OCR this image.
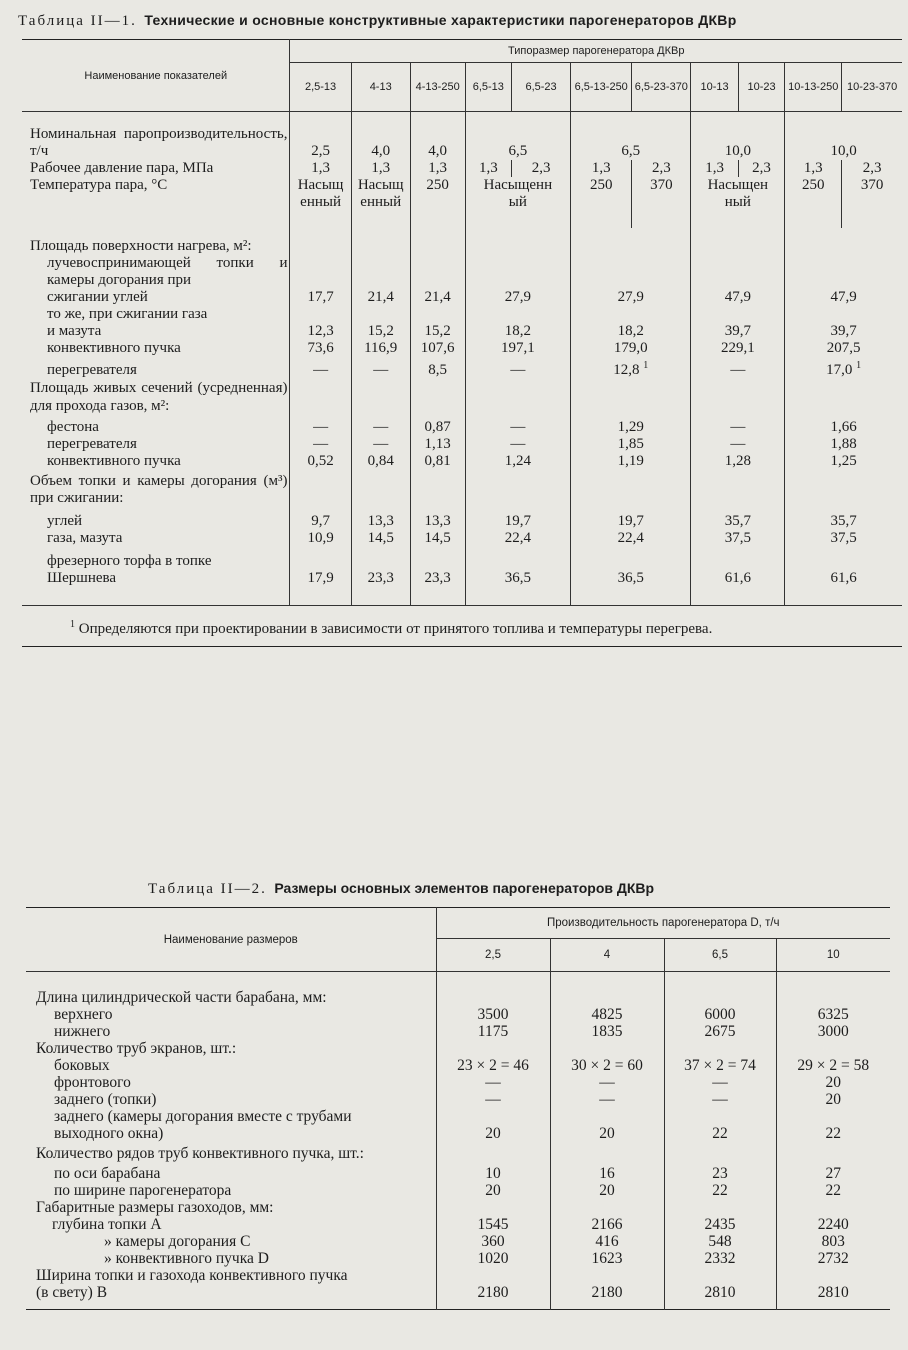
Таблица II—1. Технические и основные конструктивные характеристики парогенераторов ДКВр
Наименование показателей	Типоразмер парогенератора ДКВр										
	2,5-13	4-13	4-13-250	6,5-13	6,5-23	6,5-13-250	6,5-23-370	10-13	10-23	10-13-250	10-23-370

Номинальная паропроизводительность, т/ч	2,5	4,0	4,0	6,5		6,5		10,0		10,0	
Рабочее давление пара, МПа	1,3	1,3	1,3	1,3	2,3	1,3	2,3	1,3	2,3	1,3	2,3
Температура пара, °С	Насыщенный	Насыщенный	250	Насыщенный		250	370	Насыщенный		250	370
Площадь поверхности нагрева, м²:											
лучевоспринимающей топки и камеры догорания при											
сжигании углей	17,7	21,4	21,4	27,9		27,9		47,9		47,9	
то же, при сжигании газа											
и мазута	12,3	15,2	15,2	18,2		18,2		39,7		39,7	
конвективного пучка	73,6	116,9	107,6	197,1		179,0		229,1		207,5	
перегревателя	—	—	8,5	—		12,8 $^1$		—		17,0 $^1$
Площадь живых сечений (усредненная) для прохода газов, м²:											
фестона	—	—	0,87	—		1,29		—		1,66	
перегревателя	—	—	1,13	—		1,85		—		1,88	
конвективного пучка	0,52	0,84	0,81	1,24		1,19		1,28		1,25	
Объем топки и камеры догорания (м³) при сжигании:											
углей	9,7	13,3	13,3	19,7		19,7		35,7		35,7	
газа, мазута	10,9	14,5	14,5	22,4		22,4		37,5		37,5	
фрезерного торфа в топке											
Шершнева	17,9	23,3	23,3	36,5		36,5		61,6		61,6	

$^1$ Определяются при проектировании в зависимости от принятого топлива и температуры перегрева.											
Таблица II—2. Размеры основных элементов парогенераторов ДКВр
Наименование размеров	Производительность парогенератора D, т/ч			
	2,5	4	6,5	10

Длина цилиндрической части барабана, мм:				
верхнего	3500	4825	6000	6325
нижнего	1175	1835	2675	3000
Количество труб экранов, шт.:				
боковых	23 × 2 = 46	30 × 2 = 60	37 × 2 = 74	29 × 2 = 58
фронтового	—	—	—	20
заднего (топки)	—	—	—	20
заднего (камеры догорания вместе с трубами				
выходного окна)	20	20	22	22
Количество рядов труб конвективного пучка, шт.:				
по оси барабана	10	16	23	27
по ширине парогенератора	20	20	22	22
Габаритные размеры газоходов, мм:				
глубина топки A	1545	2166	2435	2240
» камеры догорания C	360	416	548	803
» конвективного пучка D	1020	1623	2332	2732
Ширина топки и газохода конвективного пучка				
(в свету) B	2180	2180	2810	2810
